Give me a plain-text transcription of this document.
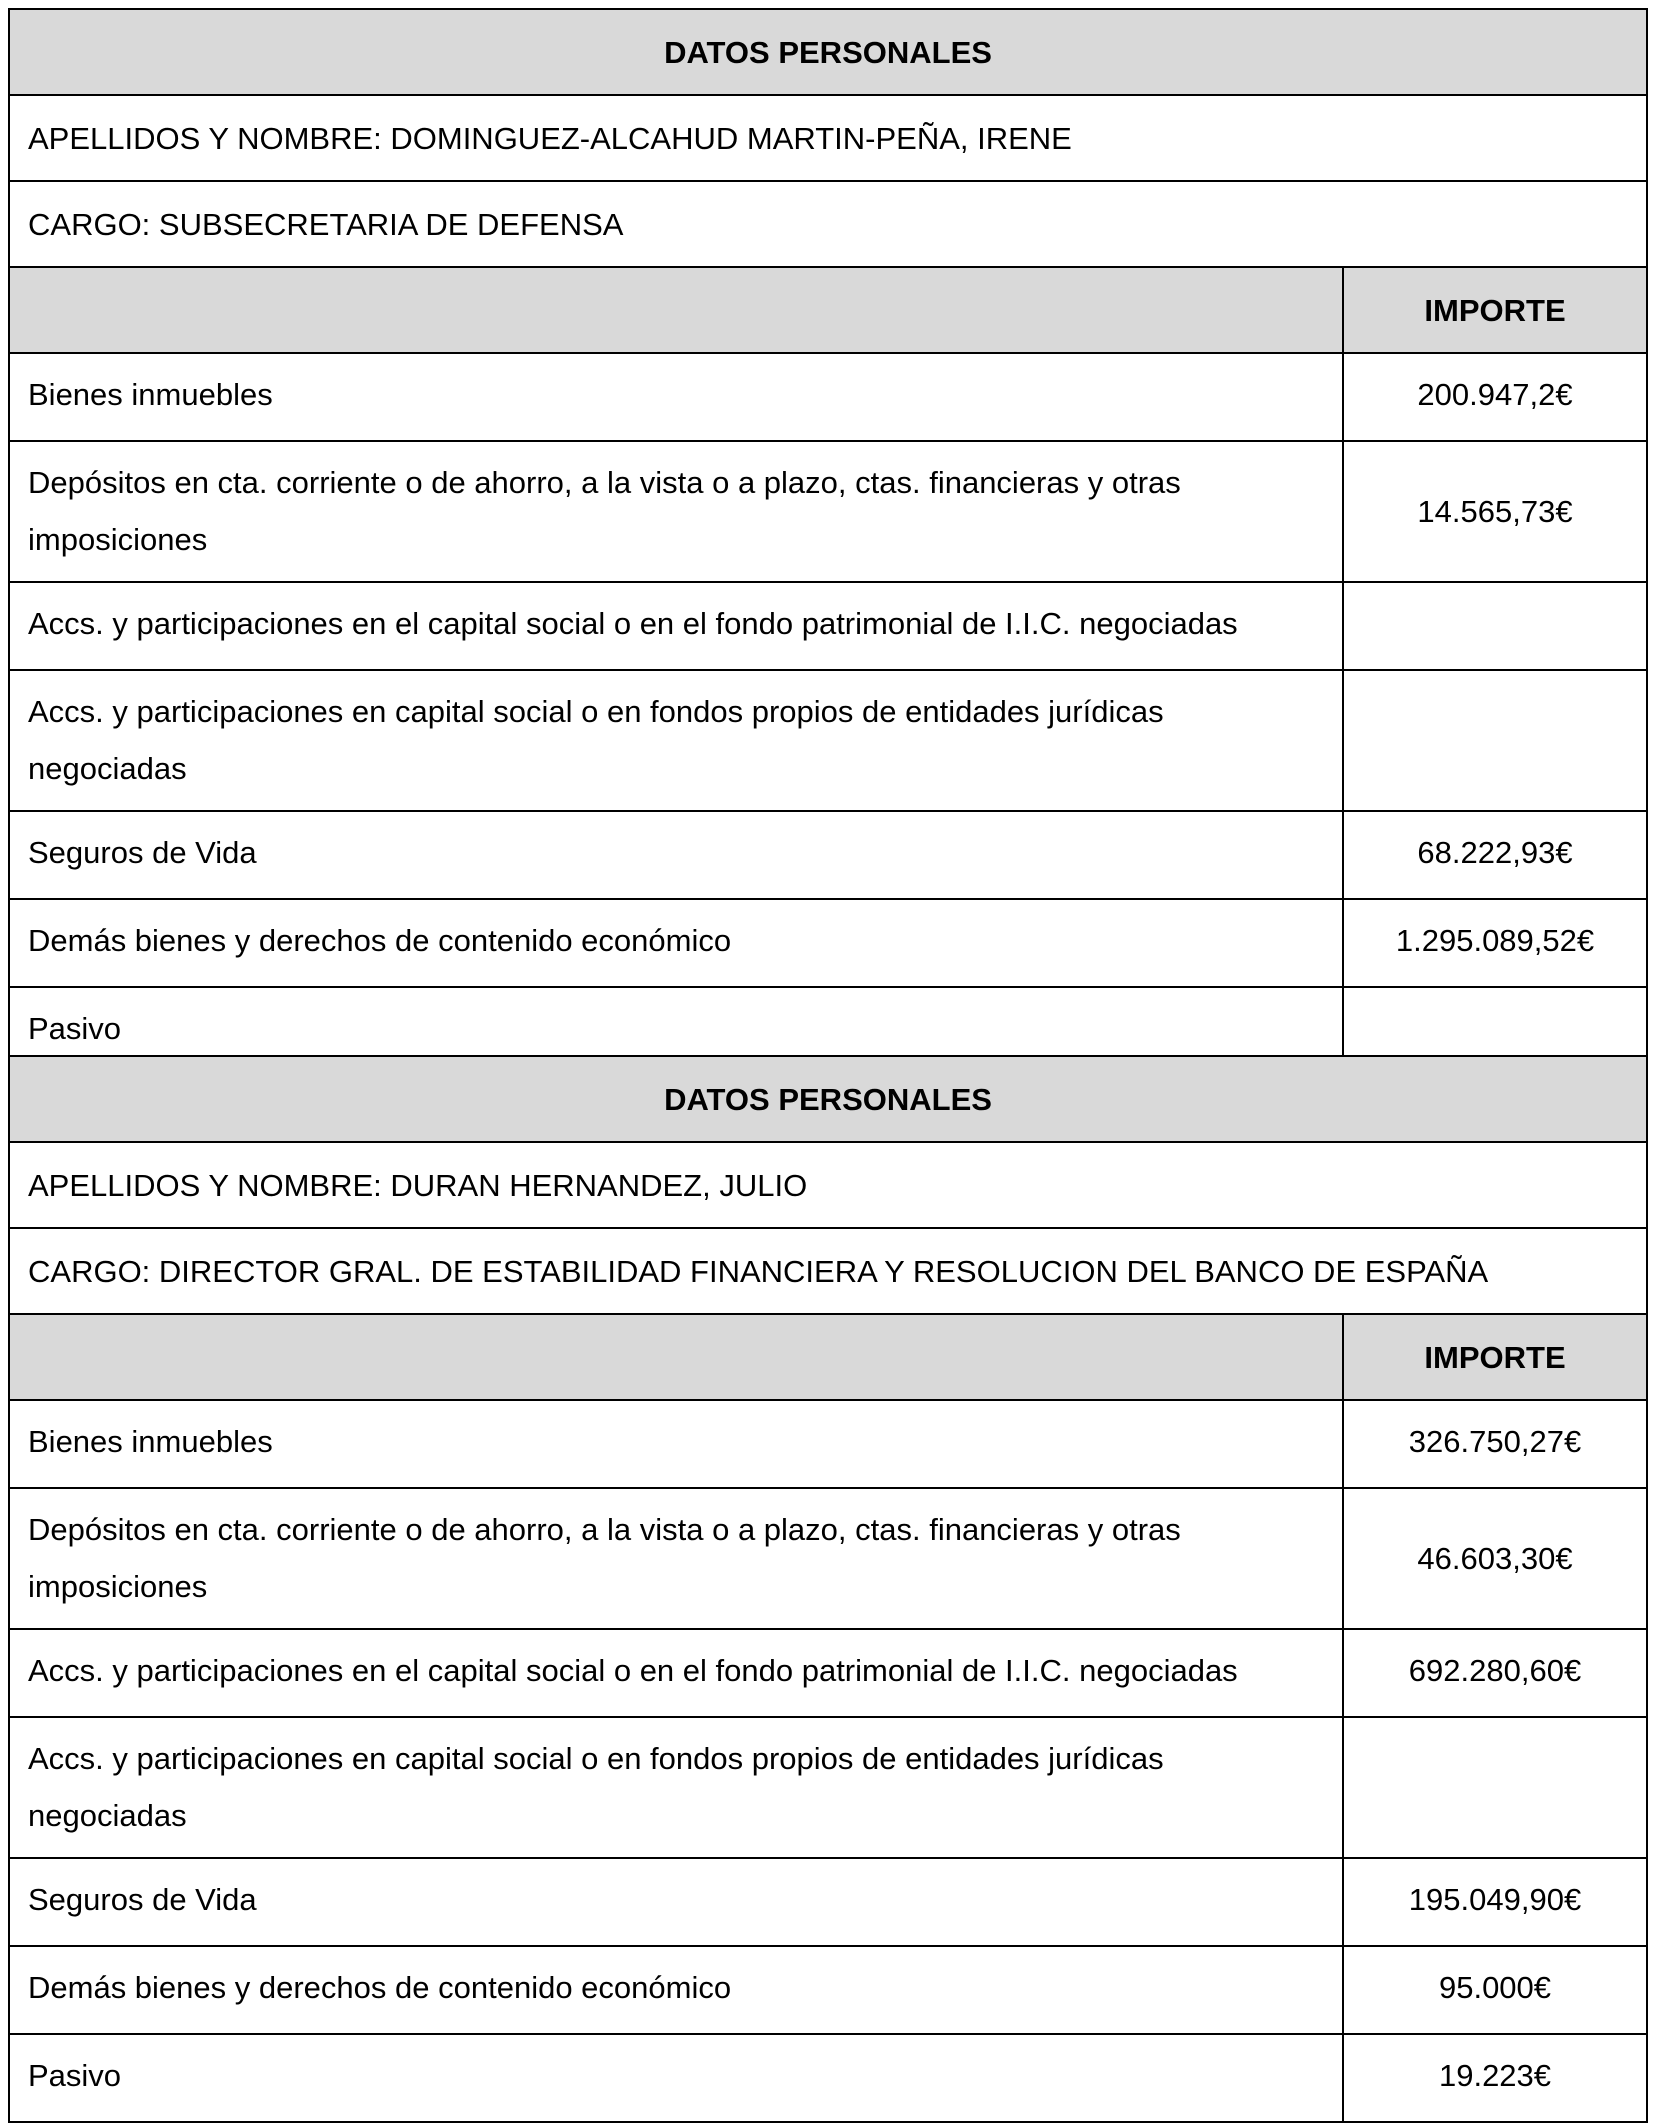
DATOS PERSONALES	
APELLIDOS Y NOMBRE: DOMINGUEZ-ALCAHUD MARTIN-PEÑA, IRENE	
CARGO: SUBSECRETARIA DE DEFENSA	
	IMPORTE
Bienes inmuebles	200.947,2€
Depósitos en cta. corriente o de ahorro, a la vista o a plazo, ctas. financieras y otras imposiciones	14.565,73€
Accs. y participaciones en el capital social o en el fondo patrimonial de I.I.C. negociadas	
Accs. y participaciones en capital social o en fondos propios de entidades jurídicas negociadas	
Seguros de Vida	68.222,93€
Demás bienes y derechos de contenido económico	1.295.089,52€
Pasivo	
DATOS PERSONALES	
APELLIDOS Y NOMBRE: DURAN HERNANDEZ, JULIO	
CARGO: DIRECTOR GRAL. DE ESTABILIDAD FINANCIERA Y RESOLUCION DEL BANCO DE ESPAÑA	
	IMPORTE
Bienes inmuebles	326.750,27€
Depósitos en cta. corriente o de ahorro, a la vista o a plazo, ctas. financieras y otras imposiciones	46.603,30€
Accs. y participaciones en el capital social o en el fondo patrimonial de I.I.C. negociadas	692.280,60€
Accs. y participaciones en capital social o en fondos propios de entidades jurídicas negociadas	
Seguros de Vida	195.049,90€
Demás bienes y derechos de contenido económico	95.000€
Pasivo	19.223€
